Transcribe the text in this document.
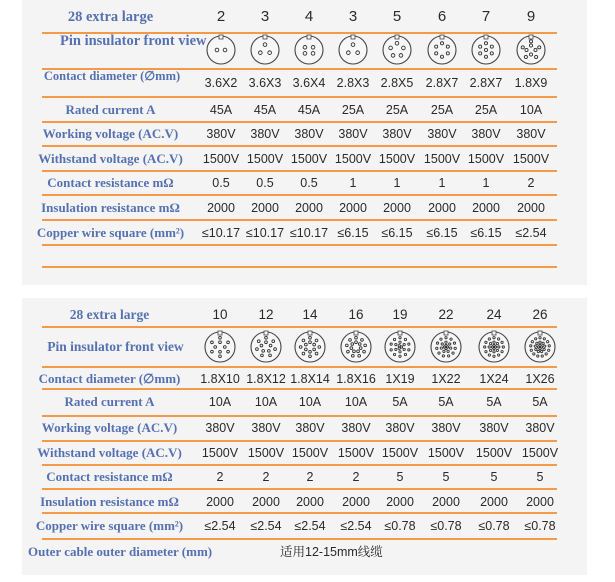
28 extra large	2	3	4	3	5	6	7	9
Pin insulator front view
Contact diameter (∅mm)	3.6X2 3.6X3 3.6X4 2.8X3 2.8X5 2.8X7 2.8X7 1.8X9
Rated current A	45A	45A	45A	25A	25A	25A	25A	10A
Working voltage (AC.V)	380V	380V	380V	380V	380V	380V	380V	380V
Withstand voltage (AC.V)	1500V 1500V 1500V 1500V 1500V 1500V 1500V 1500V
Contact resistance mΩ	0.5	0.5	0.5	1	1	1	1	2
Insulation resistance mΩ	2000	2000	2000	2000	2000	2000	2000	2000
Copper wire square (mm²)	≤10.17 ≤10.17 ≤10.17 ≤6.15	≤6.15	≤6.15	≤6.15	≤2.54
28 extra large	10	12	14	16	19	22	24	26
Pin insulator front view
Contact diameter (∅mm)	1.8X10 1.8X12 1.8X14 1.8X16 1X19	1X22	1X24	1X26
Rated current A	10A	10A	10A	10A	5A	5A	5A	5A
Working voltage (AC.V)	380V	380V	380V	380V	380V	380V	380V	380V
Withstand voltage (AC.V)	1500V 1500V 1500V 1500V 1500V 1500V 1500V 1500V
Contact resistance mΩ	2	2	2	2	5	5	5	5
Insulation resistance mΩ	2000	2000	2000	2000	2000	2000	2000	2000
Copper wire square (mm²)	≤2.54	≤2.54	≤2.54	≤2.54	≤0.78	≤0.78	≤0.78	≤0.78
Outer cable outer diameter (mm)	适用12-15mm线缆
